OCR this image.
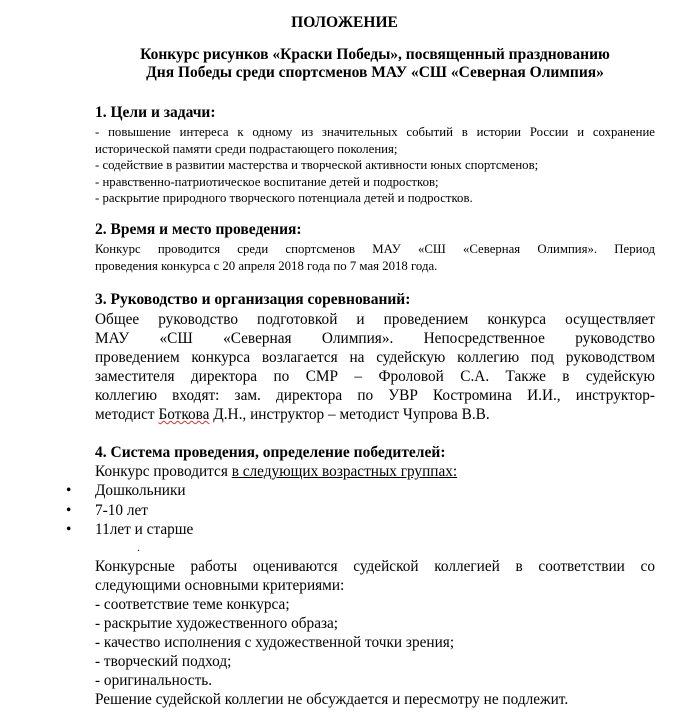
ПОЛОЖЕНИЕ
Конкурс рисунков «Краски Победы», посвященный празднованию
Дня Победы среди спортсменов МАУ «СШ «Северная Олимпия»
1. Цели и задачи:
- повышение интереса к одному из значительных событий в истории России и сохранение
исторической памяти среди подрастающего поколения;
- содействие в развитии мастерства и творческой активности юных спортсменов;
- нравственно-патриотическое воспитание детей и подростков;
- раскрытие природного творческого потенциала детей и подростков.
2. Время и место проведения:
Конкурс проводится среди спортсменов МАУ «СШ «Северная Олимпия». Период
проведения конкурса с 20 апреля 2018 года по 7 мая 2018 года.
3. Руководство и организация соревнований:
Общее руководство подготовкой и проведением конкурса осуществляет
МАУ «СШ «Северная Олимпия». Непосредственное руководство
проведением конкурса возлагается на судейскую коллегию под руководством
заместителя директора по СМР – Фроловой С.А. Также в судейскую
коллегию входят: зам. директора по УВР Костромина И.И., инструктор-
методист Боткова Д.Н., инструктор – методист Чупрова В.В.
4. Система проведения, определение победителей:
Конкурс проводится в следующих возрастных группах:
• Дошкольники
• 7-10 лет
• 11лет и старше
.
Конкурсные работы оцениваются судейской коллегией в соответствии со
следующими основными критериями:
- соответствие теме конкурса;
- раскрытие художественного образа;
- качество исполнения с художественной точки зрения;
- творческий подход;
- оригинальность.
Решение судейской коллегии не обсуждается и пересмотру не подлежит.
